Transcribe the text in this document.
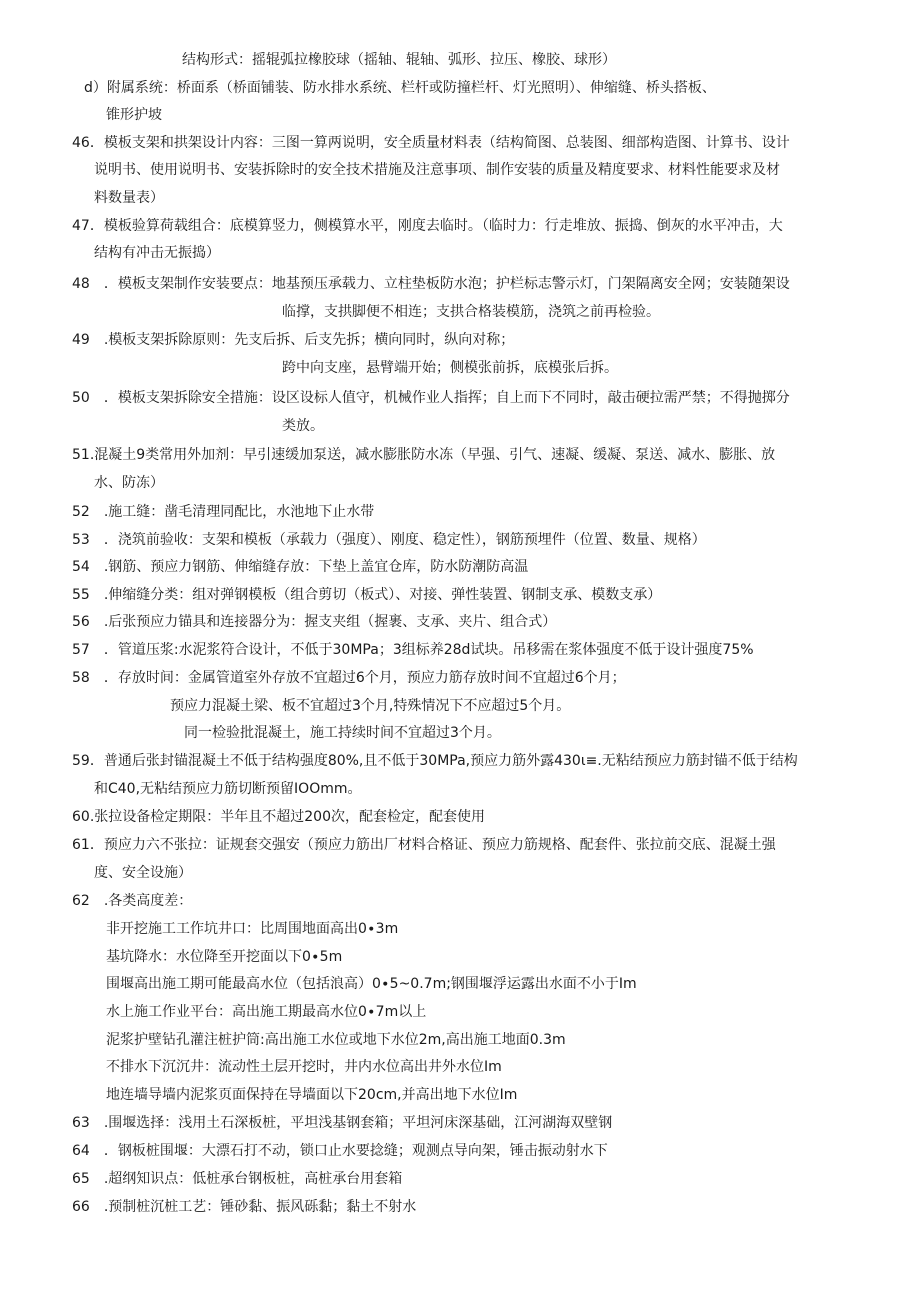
结构形式：摇辊弧拉橡胶球（摇轴、辊轴、弧形、拉压、橡胶、球形）
d）附属系统：桥面系（桥面铺装、防水排水系统、栏杆或防撞栏杆、灯光照明）、伸缩缝、桥头搭板、
锥形护坡
46．模板支架和拱架设计内容：三图一算两说明，安全质量材料表（结构简图、总装图、细部构造图、计算书、设计
说明书、使用说明书、安装拆除时的安全技术措施及注意事项、制作安装的质量及精度要求、材料性能要求及材
料数量表）
47．模板验算荷载组合：底模算竖力，侧模算水平，刚度去临时。（临时力：行走堆放、振捣、倒灰的水平冲击，大
结构有冲击无振捣）
48　．模板支架制作安装要点：地基预压承载力、立柱垫板防水泡；护栏标志警示灯，门架隔离安全网；安装随架设
临撑，支拱脚便不相连；支拱合格装模筋，浇筑之前再检验。
49　.模板支架拆除原则：先支后拆、后支先拆；横向同时，纵向对称；
跨中向支座，悬臂端开始；侧模张前拆，底模张后拆。
50　．模板支架拆除安全措施：设区设标人值守，机械作业人指挥；自上而下不同时，敲击硬拉需严禁；不得抛掷分
类放。
51.混凝土9类常用外加剂：早引速缓加泵送，减水膨胀防水冻（早强、引气、速凝、缓凝、泵送、减水、膨胀、放
水、防冻）
52　.施工缝：凿毛清理同配比，水池地下止水带
53　．浇筑前验收：支架和模板（承载力（强度）、刚度、稳定性），钢筋预埋件（位置、数量、规格）
54　.钢筋、预应力钢筋、伸缩缝存放：下垫上盖宜仓库，防水防潮防高温
55　.伸缩缝分类：组对弹钢模板（组合剪切（板式）、对接、弹性装置、钢制支承、模数支承）
56　.后张预应力锚具和连接器分为：握支夹组（握裹、支承、夹片、组合式）
57　．管道压浆:水泥浆符合设计，不低于30MPa；3组标养28d试块。吊移需在浆体强度不低于设计强度75%
58　．存放时间：金属管道室外存放不宜超过6个月，预应力筋存放时间不宜超过6个月；
预应力混凝土梁、板不宜超过3个月,特殊情况下不应超过5个月。
同一检验批混凝土，施工持续时间不宜超过3个月。
59．普通后张封锚混凝土不低于结构强度80%,且不低于30MPa,预应力筋外露430ι≡.无粘结预应力筋封锚不低于结构
和C40,无粘结预应力筋切断预留IOOmm。
60.张拉设备检定期限：半年且不超过200次，配套检定，配套使用
61．预应力六不张拉：证规套交强安（预应力筋出厂材料合格证、预应力筋规格、配套件、张拉前交底、混凝土强
度、安全设施）
62　.各类高度差：
非开挖施工工作坑井口：比周围地面高出0∙3m
基坑降水：水位降至开挖面以下0∙5m
围堰高出施工期可能最高水位（包括浪高）0∙5~0.7m;钢围堰浮运露出水面不小于Im
水上施工作业平台：高出施工期最高水位0∙7m以上
泥浆护壁钻孔灌注桩护筒:高出施工水位或地下水位2m,高出施工地面0.3m
不排水下沉沉井：流动性土层开挖时，井内水位高出井外水位Im
地连墙导墙内泥浆页面保持在导墙面以下20cm,并高出地下水位Im
63　.围堰选择：浅用土石深板桩，平坦浅基钢套箱；平坦河床深基础，江河湖海双壁钢
64　．钢板桩围堰：大漂石打不动，锁口止水要捻缝；观测点导向架，锤击振动射水下
65　.超纲知识点：低桩承台钢板桩，高桩承台用套箱
66　.预制桩沉桩工艺：锤砂黏、振风砾黏；黏土不射水
